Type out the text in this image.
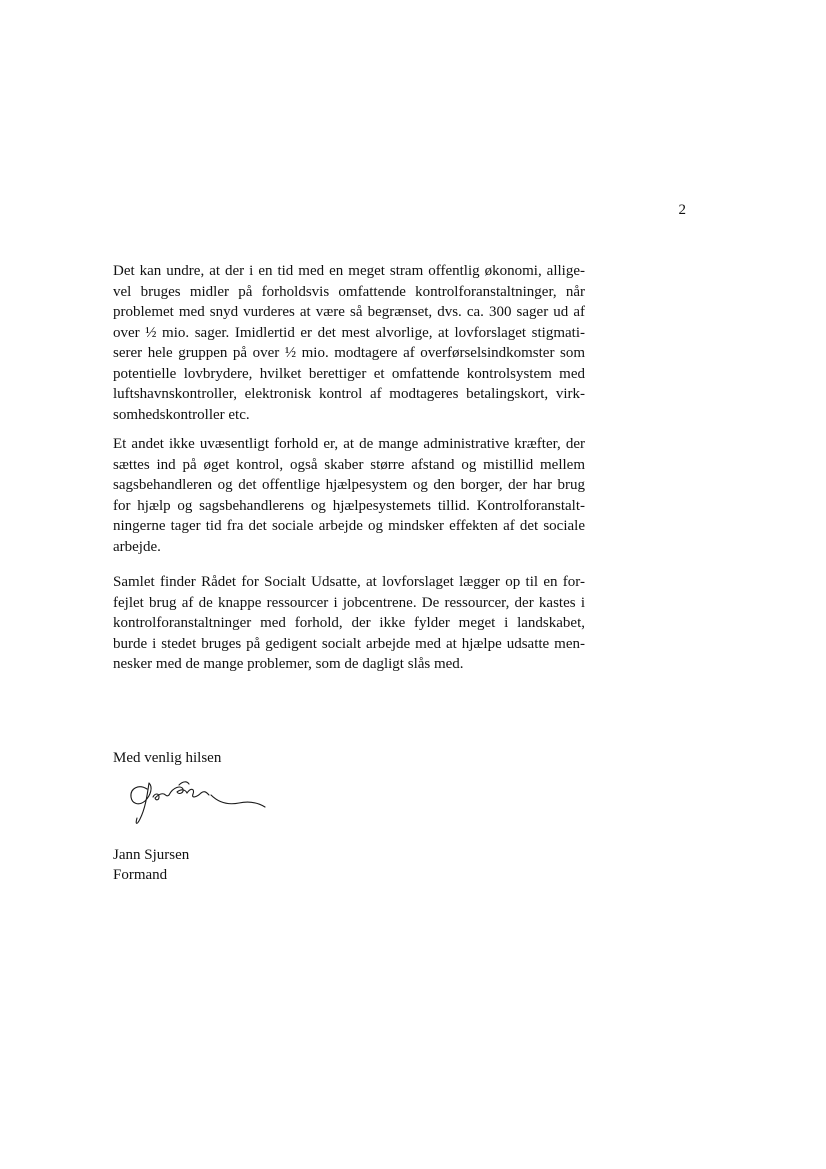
2

Det kan undre, at der i en tid med en meget stram offentlig økonomi, allige-
vel bruges midler på forholdsvis omfattende kontrolforanstaltninger, når
problemet med snyd vurderes at være så begrænset, dvs. ca. 300 sager ud af
over ½ mio. sager. Imidlertid er det mest alvorlige, at lovforslaget stigmati-
serer hele gruppen på over ½ mio. modtagere af overførselsindkomster som
potentielle lovbrydere, hvilket berettiger et omfattende kontrolsystem med
luftshavnskontroller, elektronisk kontrol af modtageres betalingskort, virk-
somhedskontroller etc.

Et andet ikke uvæsentligt forhold er, at de mange administrative kræfter, der
sættes ind på øget kontrol, også skaber større afstand og mistillid mellem
sagsbehandleren og det offentlige hjælpesystem og den borger, der har brug
for hjælp og sagsbehandlerens og hjælpesystemets tillid. Kontrolforanstalt-
ningerne tager tid fra det sociale arbejde og mindsker effekten af det sociale
arbejde.

Samlet finder Rådet for Socialt Udsatte, at lovforslaget lægger op til en for-
fejlet brug af de knappe ressourcer i jobcentrene. De ressourcer, der kastes i
kontrolforanstaltninger med forhold, der ikke fylder meget i landskabet,
burde i stedet bruges på gedigent socialt arbejde med at hjælpe udsatte men-
nesker med de mange problemer, som de dagligt slås med.

Med venlig hilsen
Jann Sjursen
Formand
